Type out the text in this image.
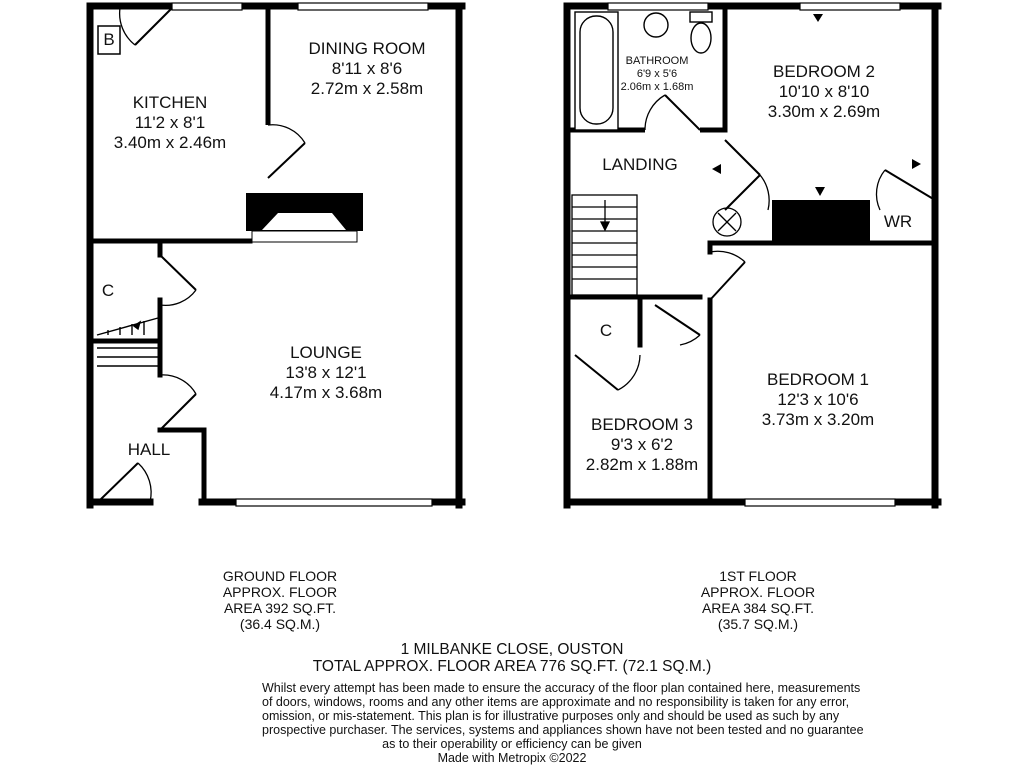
KITCHEN
11'2 x 8'1
3.40m x 2.46m
DINING ROOM
8'11 x 8'6
2.72m x 2.58m
LOUNGE
13'8 x 12'1
4.17m x 3.68m
B
C
HALL
BATHROOM
6'9 x 5'6
2.06m x 1.68m
BEDROOM 2
10'10 x 8'10
3.30m x 2.69m
BEDROOM 1
12'3 x 10'6
3.73m x 3.20m
BEDROOM 3
9'3 x 6'2
2.82m x 1.88m
LANDING
C
WR
GROUND FLOOR
APPROX. FLOOR
AREA 392 SQ.FT.
(36.4 SQ.M.)
1ST FLOOR
APPROX. FLOOR
AREA 384 SQ.FT.
(35.7 SQ.M.)
1 MILBANKE CLOSE, OUSTON
TOTAL APPROX. FLOOR AREA 776 SQ.FT. (72.1 SQ.M.)
Whilst every attempt has been made to ensure the accuracy of the floor plan contained here, measurements
of doors, windows, rooms and any other items are approximate and no responsibility is taken for any error,
omission, or mis-statement. This plan is for illustrative purposes only and should be used as such by any
prospective purchaser. The services, systems and appliances shown have not been tested and no guarantee
as to their operability or efficiency can be given
Made with Metropix ©2022
